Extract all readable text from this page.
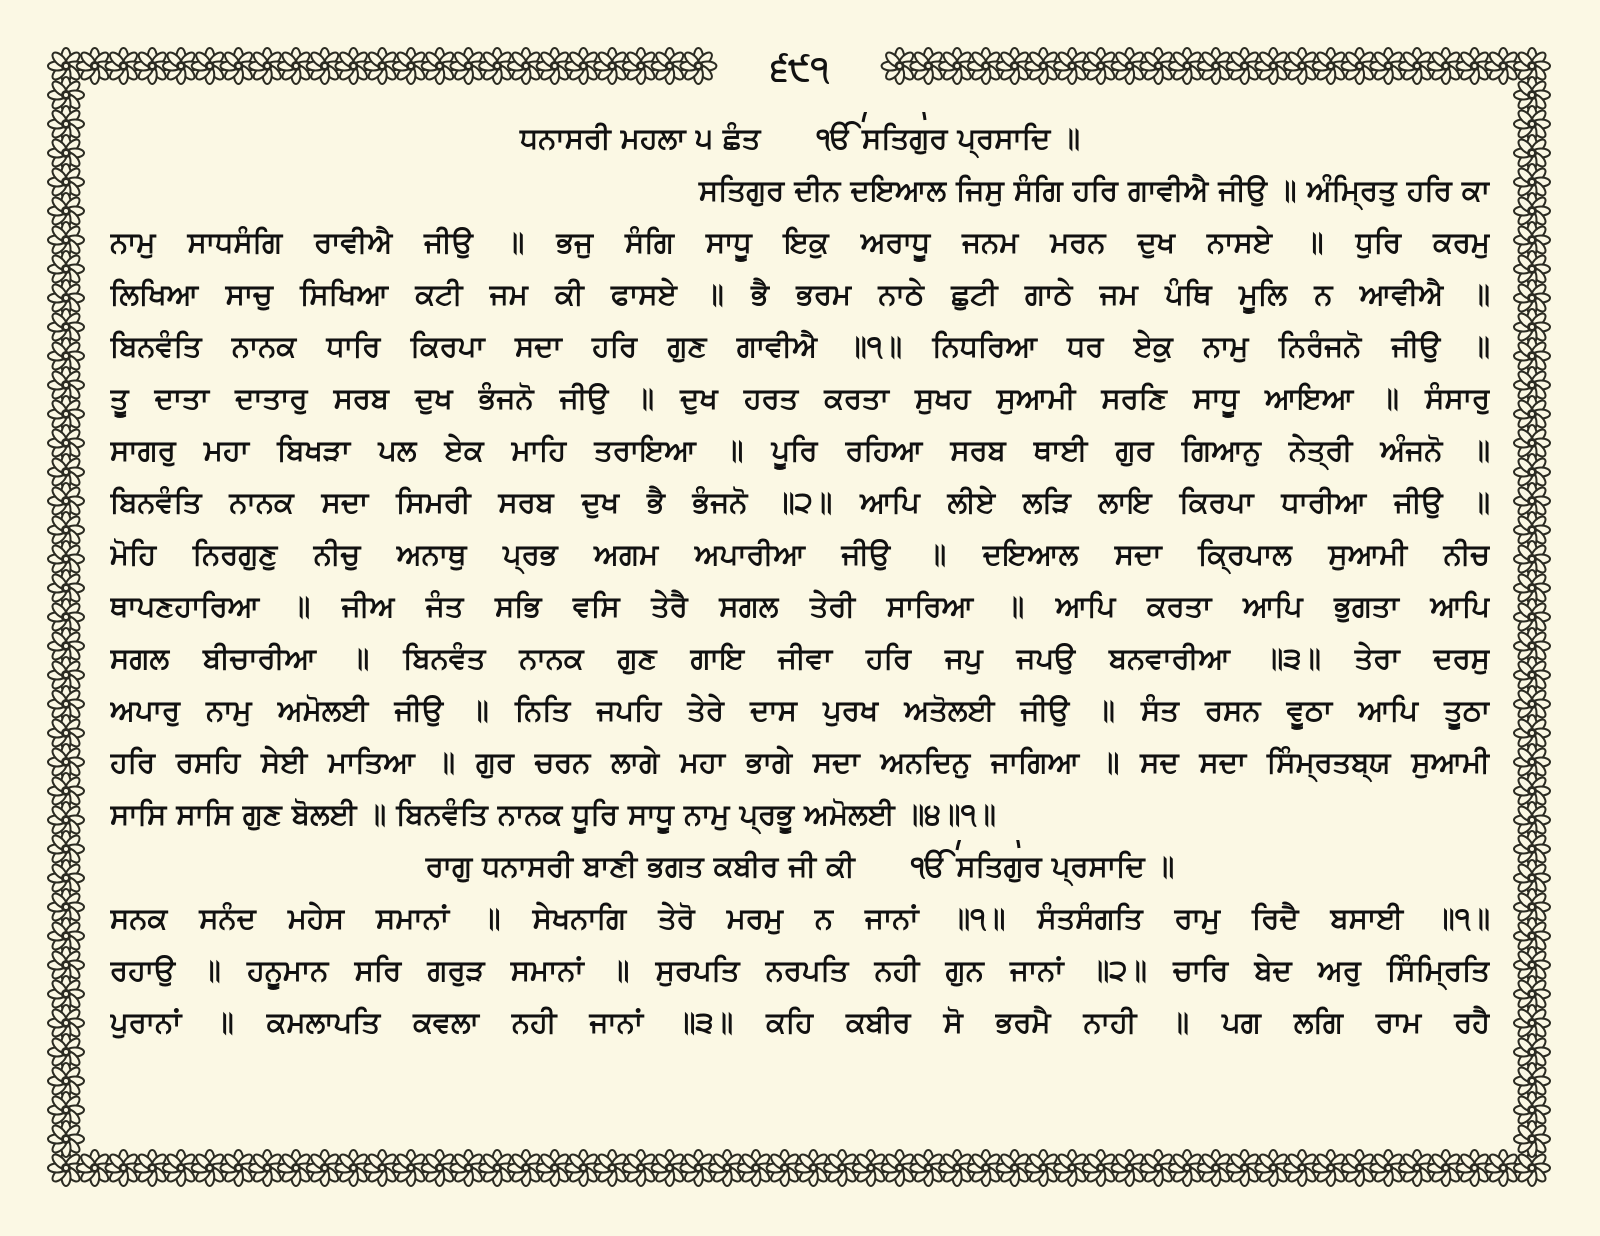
੬੯੧
ਧਨਾਸਰੀ ਮਹਲਾ ੫ ਛੰਤ ੴ ਸਤਿਗੁਰ ਪ੍ਰਸਾਦਿ ॥
ਸਤਿਗੁਰ ਦੀਨ ਦਇਆਲ ਜਿਸੁ ਸੰਗਿ ਹਰਿ ਗਾਵੀਐ ਜੀਉ ॥ ਅੰਮ੍ਰਿਤੁ ਹਰਿ ਕਾ
ਨਾਮੁ ਸਾਧਸੰਗਿ ਰਾਵੀਐ ਜੀਉ ॥ ਭਜੁ ਸੰਗਿ ਸਾਧੂ ਇਕੁ ਅਰਾਧੂ ਜਨਮ ਮਰਨ ਦੁਖ ਨਾਸਏ ॥ ਧੁਰਿ ਕਰਮੁ
ਲਿਖਿਆ ਸਾਚੁ ਸਿਖਿਆ ਕਟੀ ਜਮ ਕੀ ਫਾਸਏ ॥ ਭੈ ਭਰਮ ਨਾਠੇ ਛੁਟੀ ਗਾਠੇ ਜਮ ਪੰਥਿ ਮੂਲਿ ਨ ਆਵੀਐ ॥
ਬਿਨਵੰਤਿ ਨਾਨਕ ਧਾਰਿ ਕਿਰਪਾ ਸਦਾ ਹਰਿ ਗੁਣ ਗਾਵੀਐ ॥੧॥ ਨਿਧਰਿਆ ਧਰ ਏਕੁ ਨਾਮੁ ਨਿਰੰਜਨੋ ਜੀਉ ॥
ਤੂ ਦਾਤਾ ਦਾਤਾਰੁ ਸਰਬ ਦੁਖ ਭੰਜਨੋ ਜੀਉ ॥ ਦੁਖ ਹਰਤ ਕਰਤਾ ਸੁਖਹ ਸੁਆਮੀ ਸਰਣਿ ਸਾਧੂ ਆਇਆ ॥ ਸੰਸਾਰੁ
ਸਾਗਰੁ ਮਹਾ ਬਿਖੜਾ ਪਲ ਏਕ ਮਾਹਿ ਤਰਾਇਆ ॥ ਪੂਰਿ ਰਹਿਆ ਸਰਬ ਥਾਈ ਗੁਰ ਗਿਆਨੁ ਨੇਤ੍ਰੀ ਅੰਜਨੋ ॥
ਬਿਨਵੰਤਿ ਨਾਨਕ ਸਦਾ ਸਿਮਰੀ ਸਰਬ ਦੁਖ ਭੈ ਭੰਜਨੋ ॥੨॥ ਆਪਿ ਲੀਏ ਲੜਿ ਲਾਇ ਕਿਰਪਾ ਧਾਰੀਆ ਜੀਉ ॥
ਮੋਹਿ ਨਿਰਗੁਣੁ ਨੀਚੁ ਅਨਾਥੁ ਪ੍ਰਭ ਅਗਮ ਅਪਾਰੀਆ ਜੀਉ ॥ ਦਇਆਲ ਸਦਾ ਕ੍ਰਿਪਾਲ ਸੁਆਮੀ ਨੀਚ
ਥਾਪਣਹਾਰਿਆ ॥ ਜੀਅ ਜੰਤ ਸਭਿ ਵਸਿ ਤੇਰੈ ਸਗਲ ਤੇਰੀ ਸਾਰਿਆ ॥ ਆਪਿ ਕਰਤਾ ਆਪਿ ਭੁਗਤਾ ਆਪਿ
ਸਗਲ ਬੀਚਾਰੀਆ ॥ ਬਿਨਵੰਤ ਨਾਨਕ ਗੁਣ ਗਾਇ ਜੀਵਾ ਹਰਿ ਜਪੁ ਜਪਉ ਬਨਵਾਰੀਆ ॥੩॥ ਤੇਰਾ ਦਰਸੁ
ਅਪਾਰੁ ਨਾਮੁ ਅਮੋਲਈ ਜੀਉ ॥ ਨਿਤਿ ਜਪਹਿ ਤੇਰੇ ਦਾਸ ਪੁਰਖ ਅਤੋਲਈ ਜੀਉ ॥ ਸੰਤ ਰਸਨ ਵੂਠਾ ਆਪਿ ਤੂਠਾ
ਹਰਿ ਰਸਹਿ ਸੇਈ ਮਾਤਿਆ ॥ ਗੁਰ ਚਰਨ ਲਾਗੇ ਮਹਾ ਭਾਗੇ ਸਦਾ ਅਨਦਿਨੁ ਜਾਗਿਆ ॥ ਸਦ ਸਦਾ ਸਿੰਮ੍ਰਤਬ੍ਯ ਸੁਆਮੀ
ਸਾਸਿ ਸਾਸਿ ਗੁਣ ਬੋਲਈ ॥ ਬਿਨਵੰਤਿ ਨਾਨਕ ਧੂਰਿ ਸਾਧੂ ਨਾਮੁ ਪ੍ਰਭੂ ਅਮੋਲਈ ॥੪॥੧॥
ਰਾਗੁ ਧਨਾਸਰੀ ਬਾਣੀ ਭਗਤ ਕਬੀਰ ਜੀ ਕੀ ੴ ਸਤਿਗੁਰ ਪ੍ਰਸਾਦਿ ॥
ਸਨਕ ਸਨੰਦ ਮਹੇਸ ਸਮਾਨਾਂ ॥ ਸੇਖਨਾਗਿ ਤੇਰੋ ਮਰਮੁ ਨ ਜਾਨਾਂ ॥੧॥ ਸੰਤਸੰਗਤਿ ਰਾਮੁ ਰਿਦੈ ਬਸਾਈ ॥੧॥
ਰਹਾਉ ॥ ਹਨੂਮਾਨ ਸਰਿ ਗਰੁੜ ਸਮਾਨਾਂ ॥ ਸੁਰਪਤਿ ਨਰਪਤਿ ਨਹੀ ਗੁਨ ਜਾਨਾਂ ॥੨॥ ਚਾਰਿ ਬੇਦ ਅਰੁ ਸਿੰਮ੍ਰਿਤਿ
ਪੁਰਾਨਾਂ ॥ ਕਮਲਾਪਤਿ ਕਵਲਾ ਨਹੀ ਜਾਨਾਂ ॥੩॥ ਕਹਿ ਕਬੀਰ ਸੋ ਭਰਮੈ ਨਾਹੀ ॥ ਪਗ ਲਗਿ ਰਾਮ ਰਹੈ
